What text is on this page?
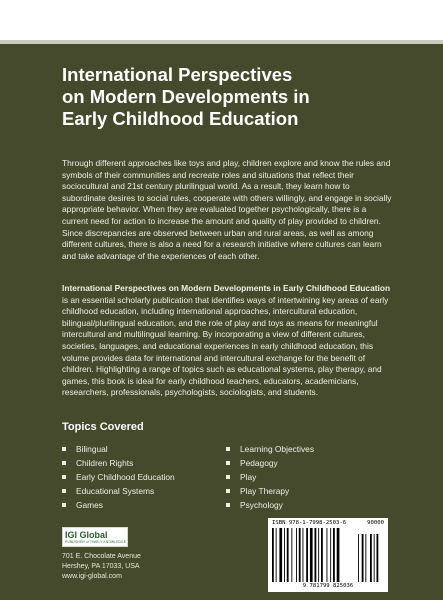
International Perspectives
on Modern Developments in
Early Childhood Education

Through different approaches like toys and play, children explore and know the rules and symbols of their communities and recreate roles and situations that reflect their sociocultural and 21st century plurilingual world. As a result, they learn how to subordinate desires to social rules, cooperate with others willingly, and engage in socially appropriate behavior. When they are evaluated together psychologically, there is a current need for action to increase the amount and quality of play provided to children. Since discrepancies are observed between urban and rural areas, as well as among different cultures, there is also a need for a research initiative where cultures can learn and take advantage of the experiences of each other.

International Perspectives on Modern Developments in Early Childhood Education is an essential scholarly publication that identifies ways of intertwining key areas of early childhood education, including international approaches, intercultural education, bilingual/plurilingual education, and the role of play and toys as means for meaningful intercultural and multilingual learning. By incorporating a view of different cultures, societies, languages, and educational experiences in early childhood education, this volume provides data for international and intercultural exchange for the benefit of children. Highlighting a range of topics such as educational systems, play therapy, and games, this book is ideal for early childhood teachers, educators, academicians, researchers, professionals, psychologists, sociologists, and students.

Topics Covered
Bilingual
Children Rights
Early Childhood Education
Educational Systems
Games
Learning Objectives
Pedagogy
Play
Play Therapy
Psychology
IGI Global
PUBLISHER of TIMELY KNOWLEDGE
701 E. Chocolate Avenue
Hershey, PA 17033, USA
www.igi-global.com
ISBN 978-1-7998-2503-6	90000
9 781799 825036
